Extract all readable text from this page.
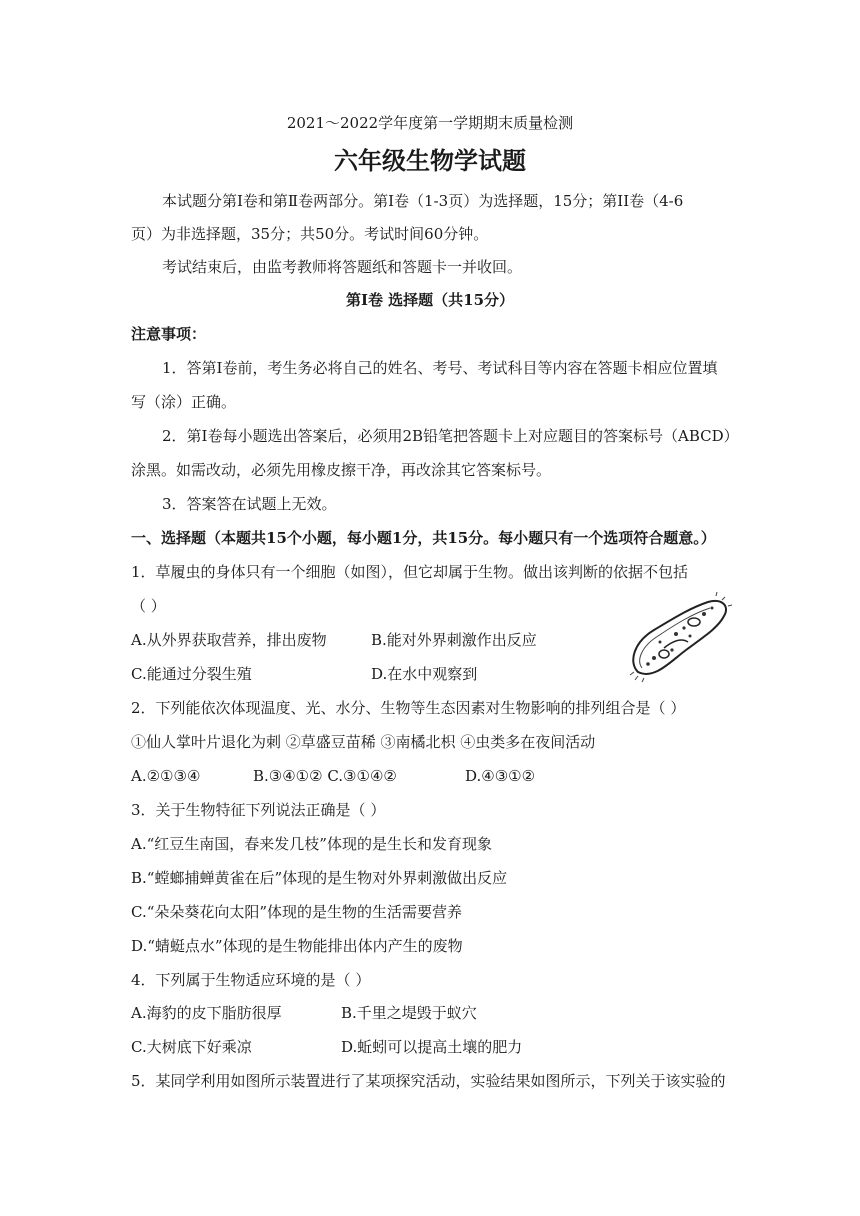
2021～2022学年度第一学期期末质量检测
六年级生物学试题
本试题分第Ⅰ卷和第Ⅱ卷两部分。第Ⅰ卷（1-3页）为选择题，15分；第II卷（4-6
页）为非选择题，35分；共50分。考试时间60分钟。
考试结束后，由监考教师将答题纸和答题卡一并收回。
第Ⅰ卷 选择题（共15分）
注意事项：
1．答第Ⅰ卷前，考生务必将自己的姓名、考号、考试科目等内容在答题卡相应位置填
写（涂）正确。
2．第Ⅰ卷每小题选出答案后，必须用2B铅笔把答题卡上对应题目的答案标号（ABCD）
涂黑。如需改动，必须先用橡皮擦干净，再改涂其它答案标号。
3．答案答在试题上无效。
一、选择题（本题共15个小题，每小题1分，共15分。每小题只有一个选项符合题意。）
1．草履虫的身体只有一个细胞（如图），但它却属于生物。做出该判断的依据不包括
（ ）
A.从外界获取营养，排出废物	B.能对外界刺激作出反应
C.能通过分裂生殖	D.在水中观察到
2．下列能依次体现温度、光、水分、生物等生态因素对生物影响的排列组合是（ ）
①仙人掌叶片退化为刺 ②草盛豆苗稀 ③南橘北枳 ④虫类多在夜间活动
A.②①③④	B.③④①② C.③①④②	D.④③①②
3．关于生物特征下列说法正确是（ ）
A.“红豆生南国，春来发几枝”体现的是生长和发育现象
B.“螳螂捕蝉黄雀在后”体现的是生物对外界刺激做出反应
C.“朵朵葵花向太阳”体现的是生物的生活需要营养
D.“蜻蜓点水”体现的是生物能排出体内产生的废物
4．下列属于生物适应环境的是（ ）
A.海豹的皮下脂肪很厚	B.千里之堤毁于蚁穴
C.大树底下好乘凉	D.蚯蚓可以提高土壤的肥力
5．某同学利用如图所示装置进行了某项探究活动，实验结果如图所示，下列关于该实验的
